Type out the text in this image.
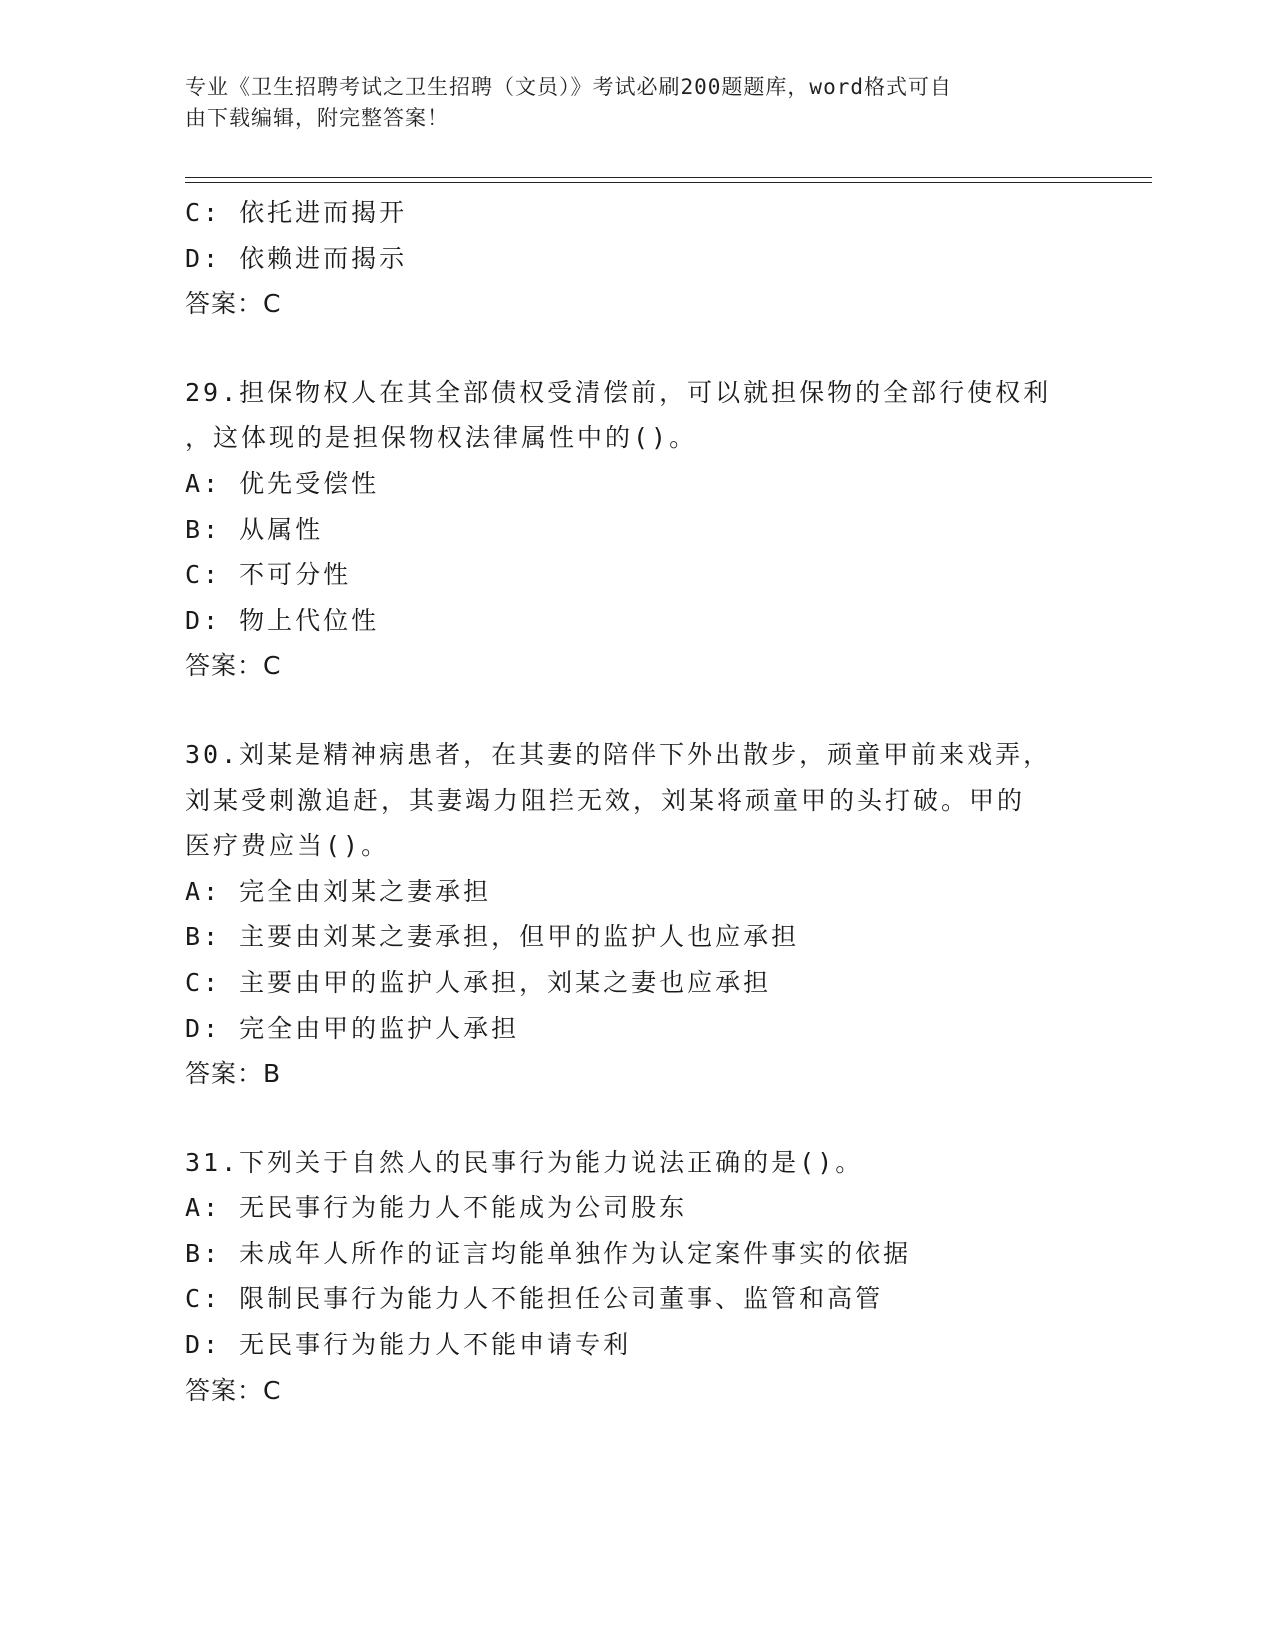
专业《卫生招聘考试之卫生招聘（文员）》考试必刷200题题库，word格式可自
由下载编辑，附完整答案！
C: 依托进而揭开
D: 依赖进而揭示
答案：C
29.担保物权人在其全部债权受清偿前，可以就担保物的全部行使权利
，这体现的是担保物权法律属性中的()。
A: 优先受偿性
B: 从属性
C: 不可分性
D: 物上代位性
答案：C
30.刘某是精神病患者，在其妻的陪伴下外出散步，顽童甲前来戏弄，
刘某受刺激追赶，其妻竭力阻拦无效，刘某将顽童甲的头打破。甲的
医疗费应当()。
A: 完全由刘某之妻承担
B: 主要由刘某之妻承担，但甲的监护人也应承担
C: 主要由甲的监护人承担，刘某之妻也应承担
D: 完全由甲的监护人承担
答案：B
31.下列关于自然人的民事行为能力说法正确的是()。
A: 无民事行为能力人不能成为公司股东
B: 未成年人所作的证言均能单独作为认定案件事实的依据
C: 限制民事行为能力人不能担任公司董事、监管和高管
D: 无民事行为能力人不能申请专利
答案：C
